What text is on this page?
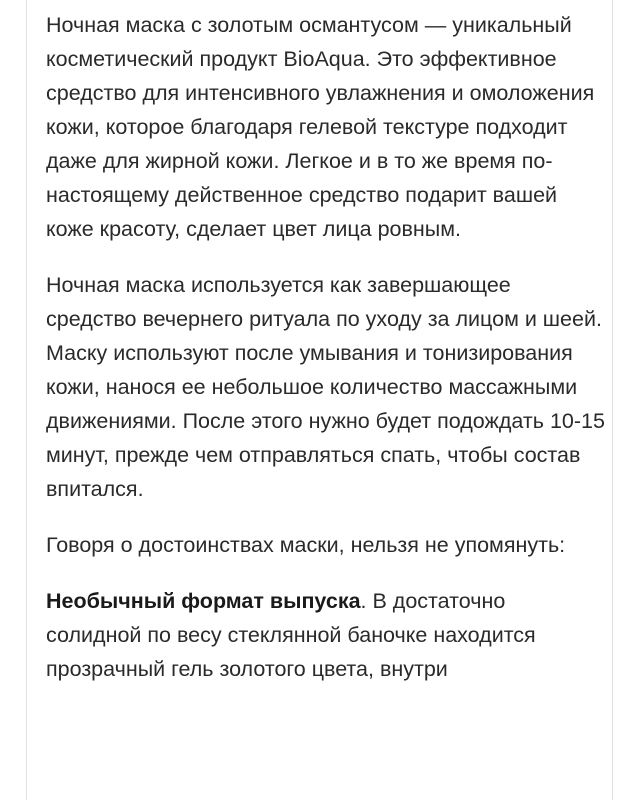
Ночная маска с золотым османтусом — уникальный косметический продукт BioAqua. Это эффективное средство для интенсивного увлажнения и омоложения кожи, которое благодаря гелевой текстуре подходит даже для жирной кожи. Легкое и в то же время по-настоящему действенное средство подарит вашей коже красоту, сделает цвет лица ровным.

Ночная маска используется как завершающее средство вечернего ритуала по уходу за лицом и шеей. Маску используют после умывания и тонизирования кожи, нанося ее небольшое количество массажными движениями. После этого нужно будет подождать 10-15 минут, прежде чем отправляться спать, чтобы состав впитался.

Говоря о достоинствах маски, нельзя не упомянуть:

Необычный формат выпуска. В достаточно солидной по весу стеклянной баночке находится прозрачный гель золотого цвета, внутри
